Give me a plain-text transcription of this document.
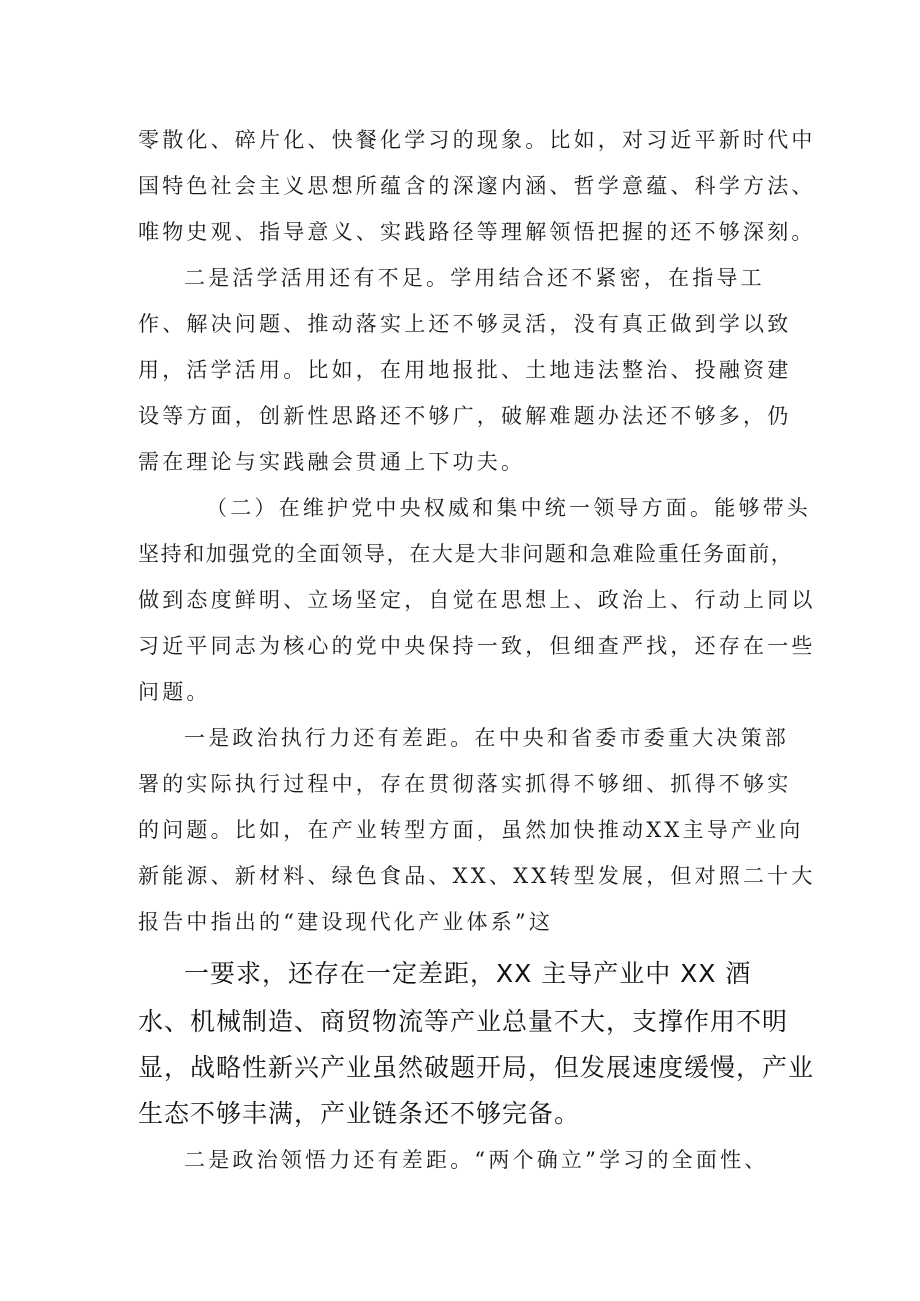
零散化、碎片化、快餐化学习的现象。比如，对习近平新时代中
国特色社会主义思想所蕴含的深邃内涵、哲学意蕴、科学方法、
唯物史观、指导意义、实践路径等理解领悟把握的还不够深刻。
二是活学活用还有不足。学用结合还不紧密，在指导工
作、解决问题、推动落实上还不够灵活，没有真正做到学以致
用，活学活用。比如，在用地报批、土地违法整治、投融资建
设等方面，创新性思路还不够广，破解难题办法还不够多，仍
需在理论与实践融会贯通上下功夫。
（二）在维护党中央权威和集中统一领导方面。能够带头
坚持和加强党的全面领导，在大是大非问题和急难险重任务面前，
做到态度鲜明、立场坚定，自觉在思想上、政治上、行动上同以
习近平同志为核心的党中央保持一致，但细查严找，还存在一些
问题。
一是政治执行力还有差距。在中央和省委市委重大决策部
署的实际执行过程中，存在贯彻落实抓得不够细、抓得不够实
的问题。比如，在产业转型方面，虽然加快推动XX主导产业向
新能源、新材料、绿色食品、XX、XX转型发展，但对照二十大
报告中指出的“建设现代化产业体系”这
一要求，还存在一定差距，XX 主导产业中 XX 酒
水、机械制造、商贸物流等产业总量不大，支撑作用不明
显，战略性新兴产业虽然破题开局，但发展速度缓慢，产业
生态不够丰满，产业链条还不够完备。
二是政治领悟力还有差距。“两个确立”学习的全面性、
